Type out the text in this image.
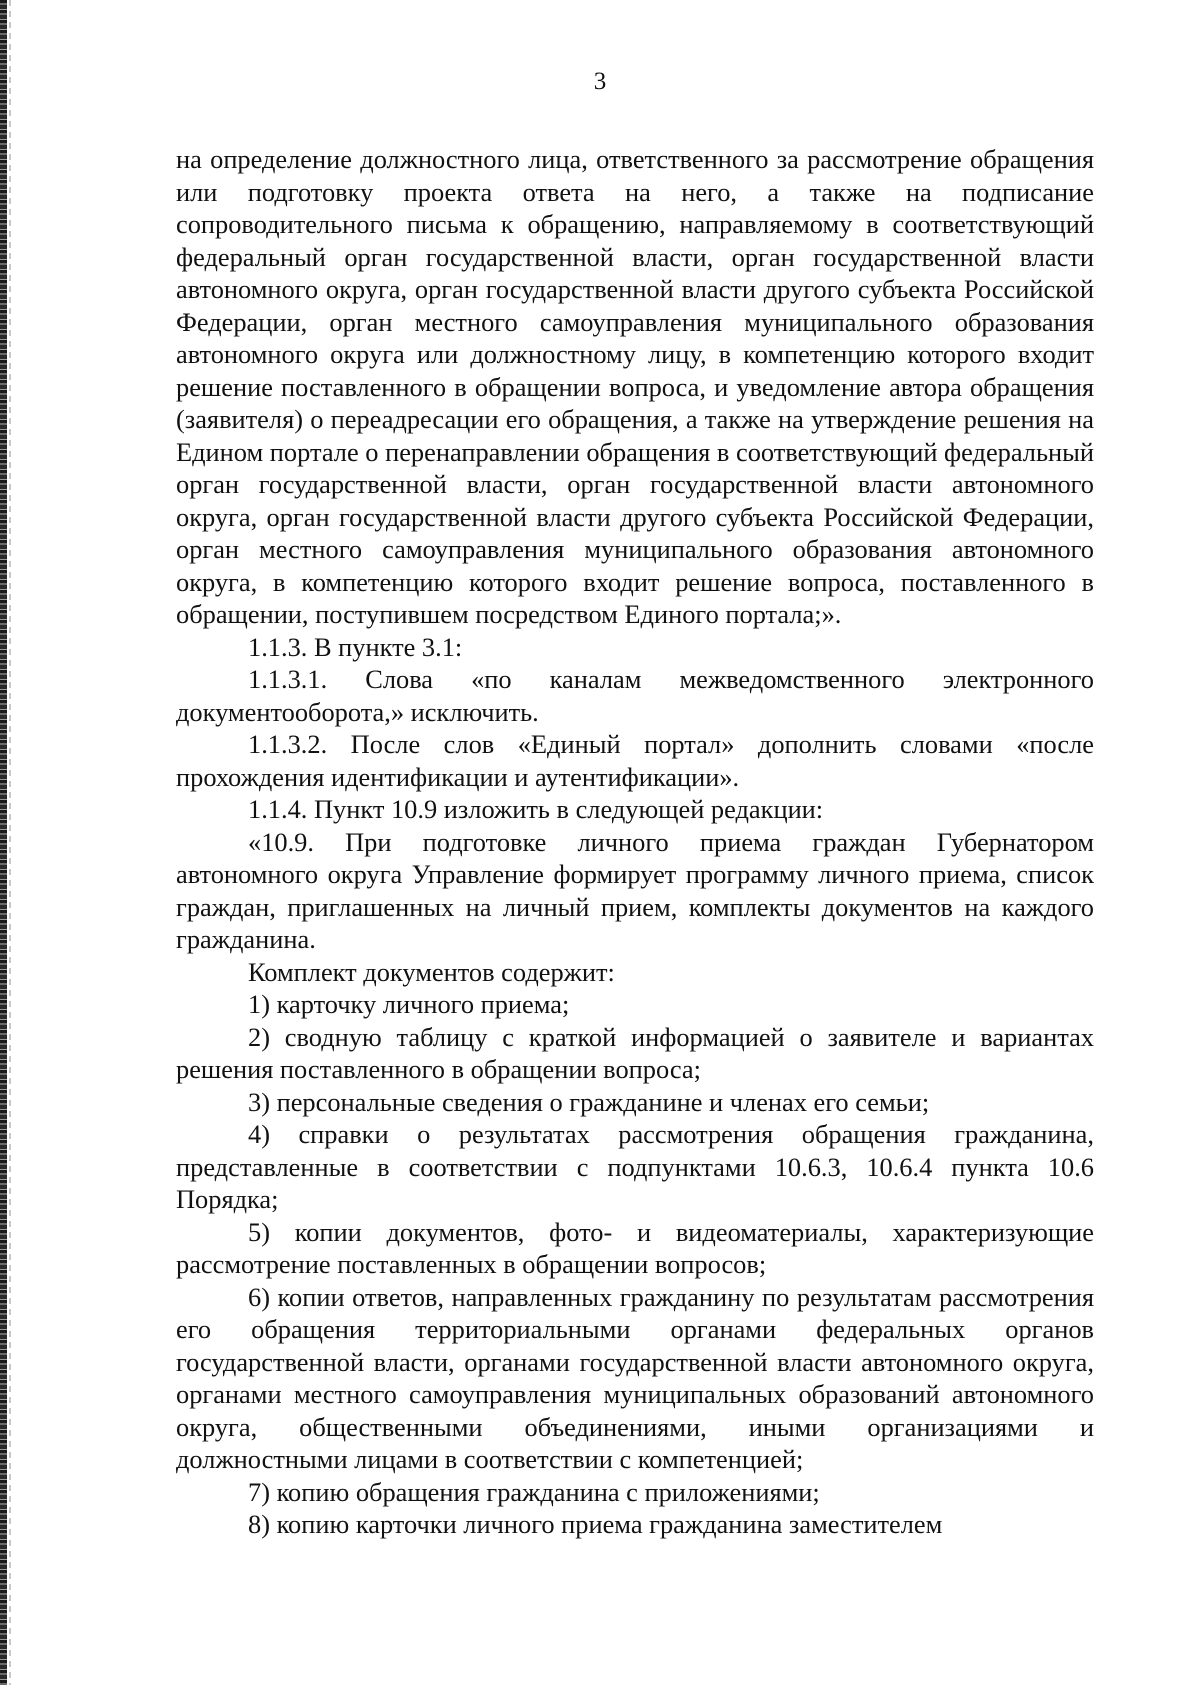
3

на определение должностного лица, ответственного за рассмотрение обращения или подготовку проекта ответа на него, а также на подписание сопроводительного письма к обращению, направляемому в соответствующий федеральный орган государственной власти, орган государственной власти автономного округа, орган государственной власти другого субъекта Российской Федерации, орган местного самоуправления муниципального образования автономного округа или должностному лицу, в компетенцию которого входит решение поставленного в обращении вопроса, и уведомление автора обращения (заявителя) о переадресации его обращения, а также на утверждение решения на Едином портале о перенаправлении обращения в соответствующий федеральный орган государственной власти, орган государственной власти автономного округа, орган государственной власти другого субъекта Российской Федерации, орган местного самоуправления муниципального образования автономного округа, в компетенцию которого входит решение вопроса, поставленного в обращении, поступившем посредством Единого портала;».

1.1.3. В пункте 3.1:

1.1.3.1. Слова «по каналам межведомственного электронного документооборота,» исключить.

1.1.3.2. После слов «Единый портал» дополнить словами «после прохождения идентификации и аутентификации».

1.1.4. Пункт 10.9 изложить в следующей редакции:

«10.9. При подготовке личного приема граждан Губернатором автономного округа Управление формирует программу личного приема, список граждан, приглашенных на личный прием, комплекты документов на каждого гражданина.

Комплект документов содержит:

1) карточку личного приема;

2) сводную таблицу с краткой информацией о заявителе и вариантах решения поставленного в обращении вопроса;

3) персональные сведения о гражданине и членах его семьи;

4) справки о результатах рассмотрения обращения гражданина, представленные в соответствии с подпунктами 10.6.3, 10.6.4 пункта 10.6 Порядка;

5) копии документов, фото- и видеоматериалы, характеризующие рассмотрение поставленных в обращении вопросов;

6) копии ответов, направленных гражданину по результатам рассмотрения его обращения территориальными органами федеральных органов государственной власти, органами государственной власти автономного округа, органами местного самоуправления муниципальных образований автономного округа, общественными объединениями, иными организациями и должностными лицами в соответствии с компетенцией;

7) копию обращения гражданина с приложениями;

8) копию карточки личного приема гражданина заместителем
